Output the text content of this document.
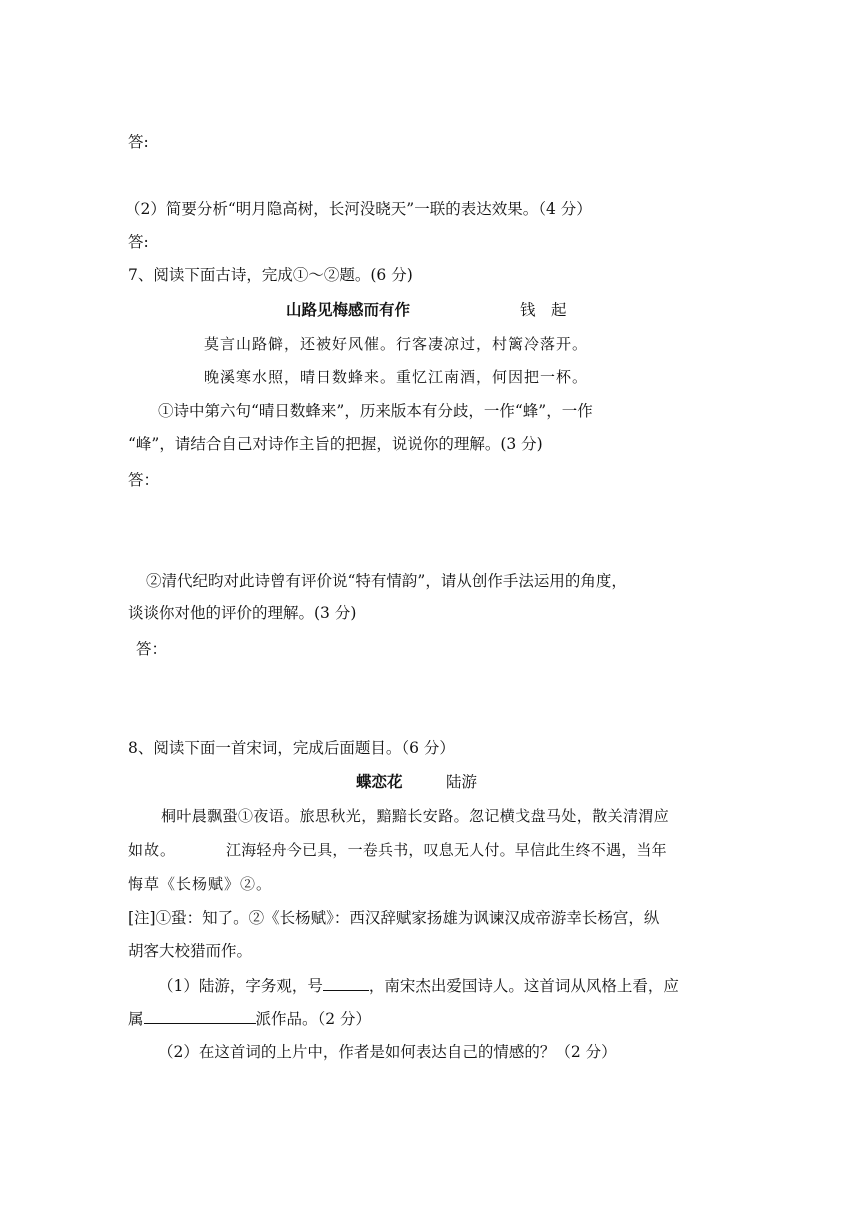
答:

（2）简要分析“明月隐高树，长河没晓天”一联的表达效果。（4 分）

答:

7、阅读下面古诗，完成①～②题。(6 分)

山路见梅感而有作	钱　起

莫言山路僻，还被好风催。行客凄凉过，村篱冷落开。

晚溪寒水照，晴日数蜂来。重忆江南酒，何因把一杯。

①诗中第六句“晴日数蜂来”，历来版本有分歧，一作“蜂”，一作

“峰”，请结合自己对诗作主旨的把握，说说你的理解。(3 分)

答：

②清代纪昀对此诗曾有评价说“特有情韵”，请从创作手法运用的角度，

谈谈你对他的评价的理解。(3 分)

答：

8、阅读下面一首宋词，完成后面题目。（6 分）

蝶恋花	陆游

桐叶晨飘蛩①夜语。旅思秋光，黯黯长安路。忽记横戈盘马处，散关清渭应

如故。	江海轻舟今已具，一卷兵书，叹息无人付。早信此生终不遇，当年

悔草《长杨赋》②。

[注]①蛩：知了。②《长杨赋》：西汉辞赋家扬雄为讽谏汉成帝游幸长杨宫，纵

胡客大校猎而作。

（1）陆游，字务观，号	，南宋杰出爱国诗人。这首词从风格上看，应

属	派作品。（2 分）

（2）在这首词的上片中，作者是如何表达自己的情感的？（2 分）
